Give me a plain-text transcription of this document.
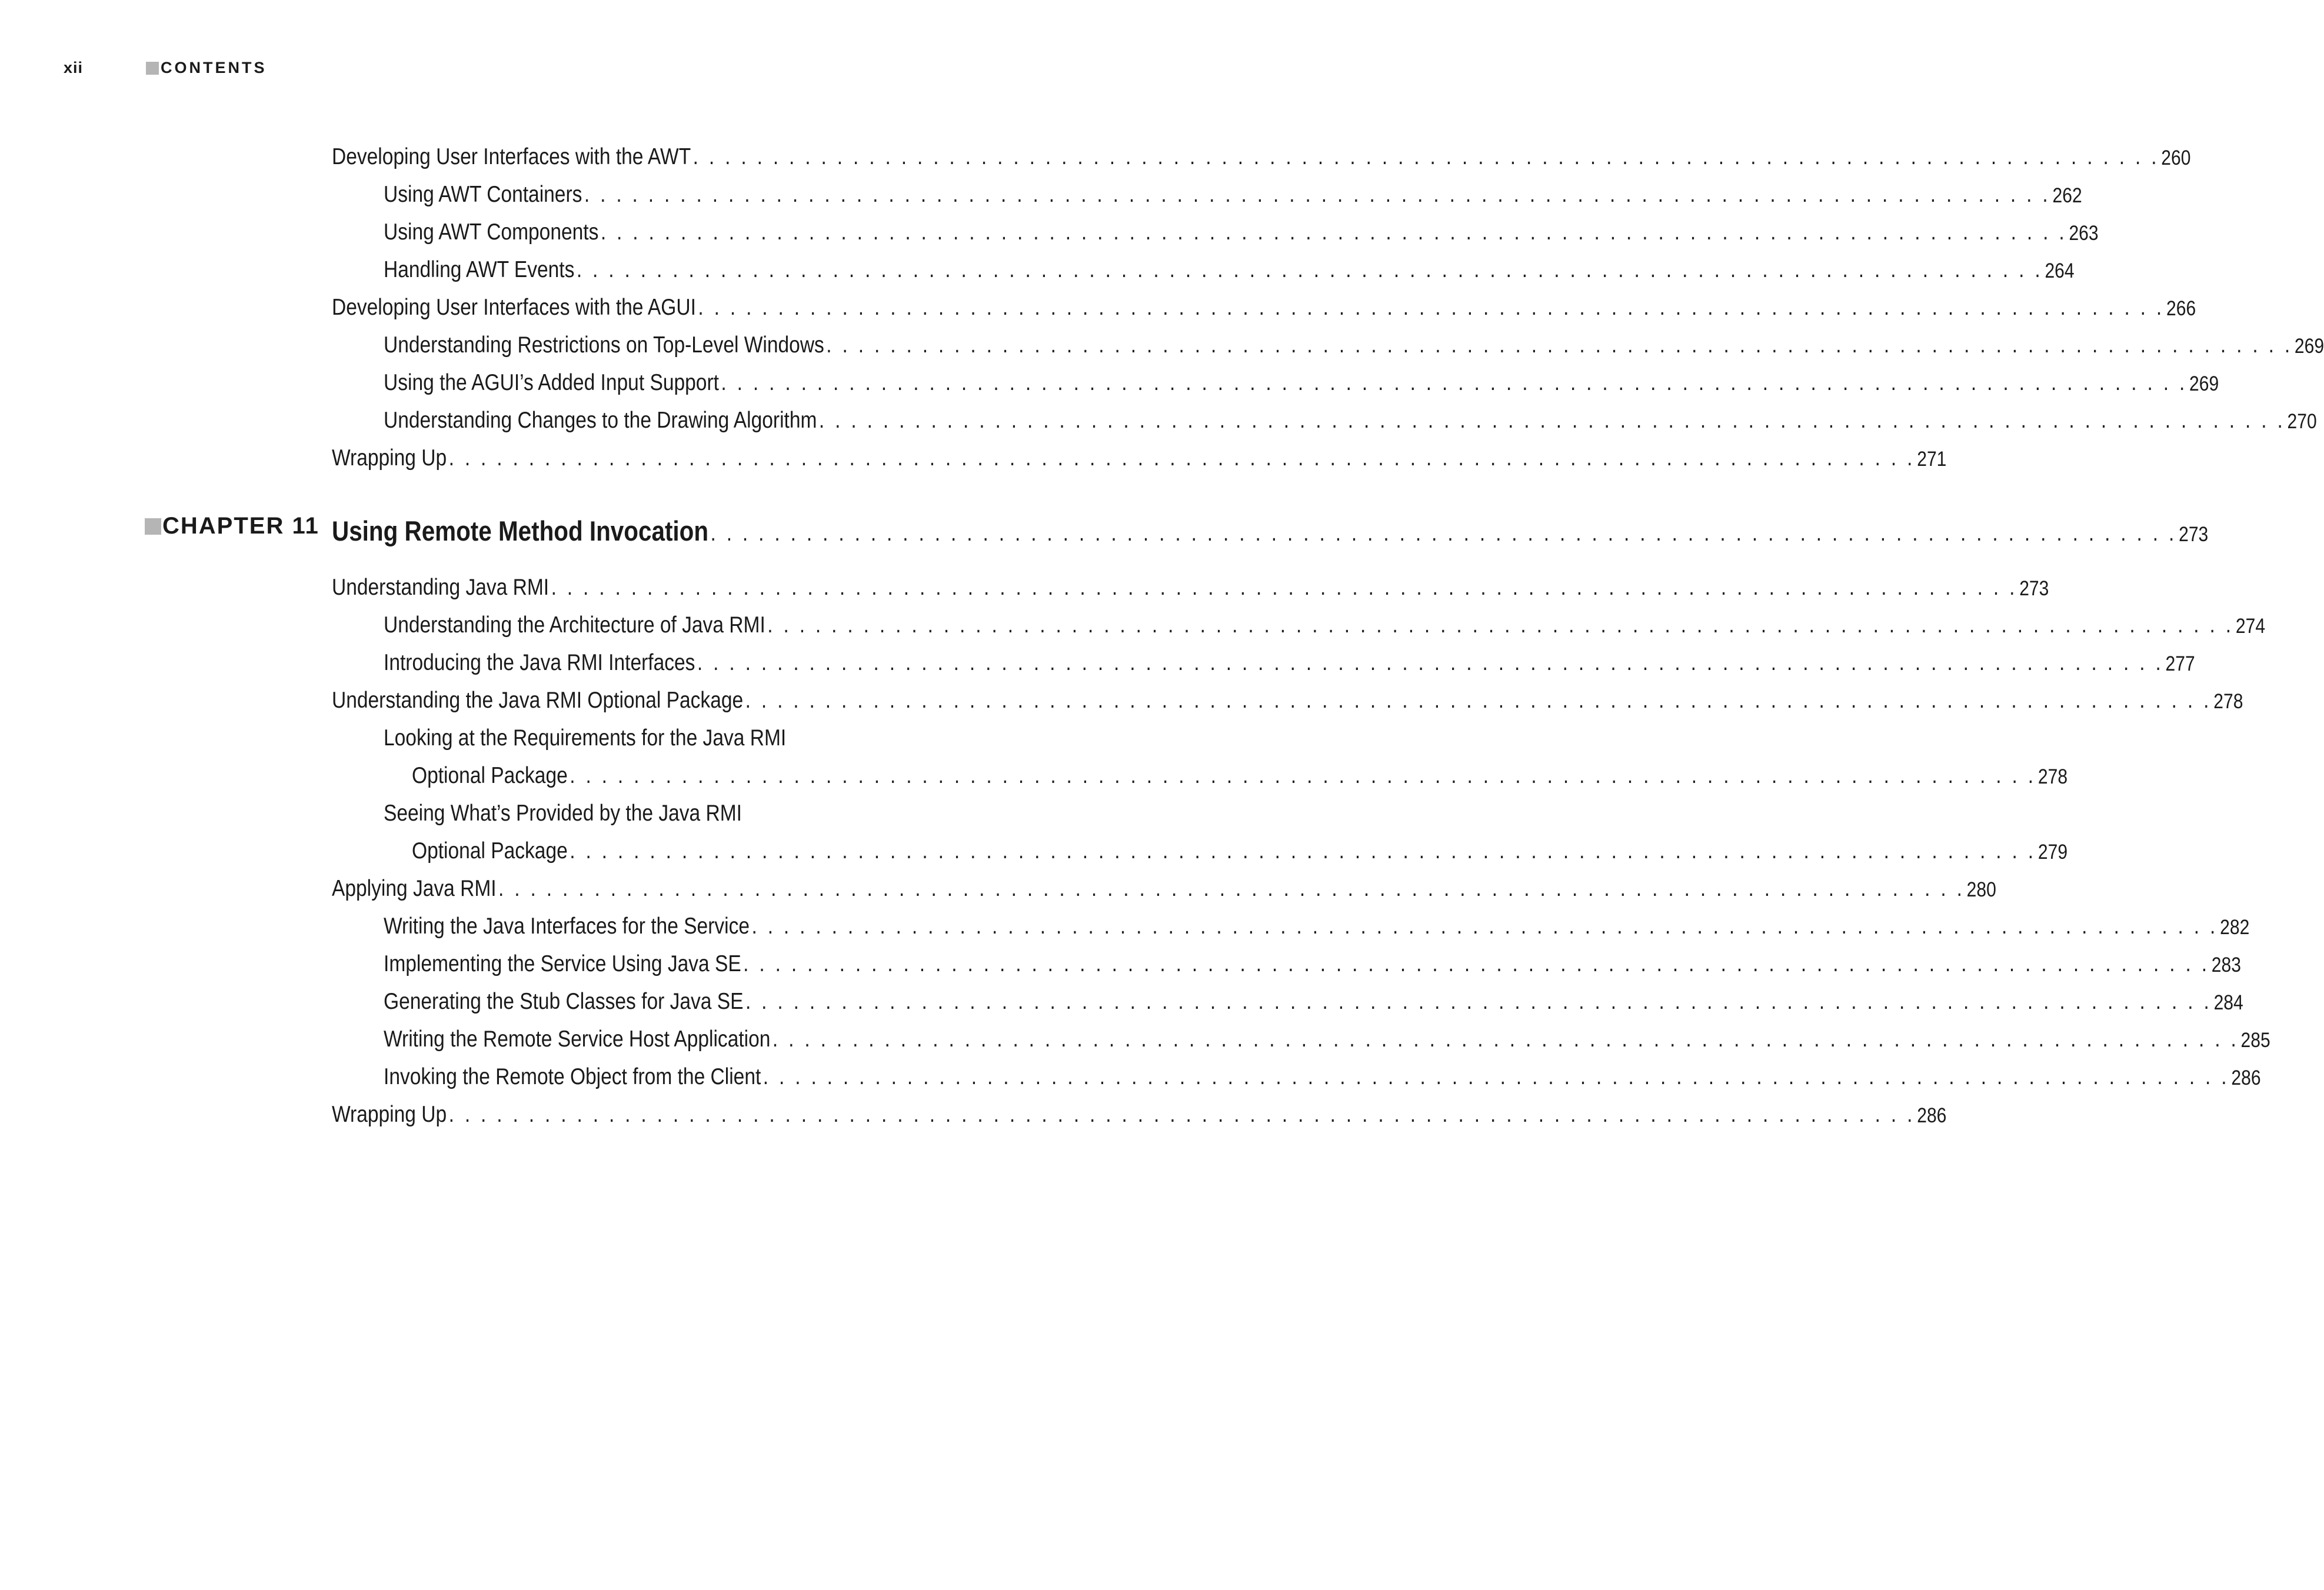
xii	CONTENTS
Developing User Interfaces with the AWT . . . . . . . . . . . . . . . . . . . . . . . . . . . . . . . . . . . . . . . . . . . . . . . . . . . . . . . . . . . . . . . . . . . . . . . . . . . . . . . . . . . . . . . . . . . . 260
Using AWT Containers . . . . . . . . . . . . . . . . . . . . . . . . . . . . . . . . . . . . . . . . . . . . . . . . . . . . . . . . . . . . . . . . . . . . . . . . . . . . . . . . . . . . . . . . . . . . 262
Using AWT Components . . . . . . . . . . . . . . . . . . . . . . . . . . . . . . . . . . . . . . . . . . . . . . . . . . . . . . . . . . . . . . . . . . . . . . . . . . . . . . . . . . . . . . . . . . . . 263
Handling AWT Events . . . . . . . . . . . . . . . . . . . . . . . . . . . . . . . . . . . . . . . . . . . . . . . . . . . . . . . . . . . . . . . . . . . . . . . . . . . . . . . . . . . . . . . . . . . . 264
Developing User Interfaces with the AGUI . . . . . . . . . . . . . . . . . . . . . . . . . . . . . . . . . . . . . . . . . . . . . . . . . . . . . . . . . . . . . . . . . . . . . . . . . . . . . . . . . . . . . . . . . . . . 266
Understanding Restrictions on Top-Level Windows . . . . . . . . . . . . . . . . . . . . . . . . . . . . . . . . . . . . . . . . . . . . . . . . . . . . . . . . . . . . . . . . . . . . . . . . . . . . . . . . . . . . . . . . . . . . 269
Using the AGUI’s Added Input Support . . . . . . . . . . . . . . . . . . . . . . . . . . . . . . . . . . . . . . . . . . . . . . . . . . . . . . . . . . . . . . . . . . . . . . . . . . . . . . . . . . . . . . . . . . . . 269
Understanding Changes to the Drawing Algorithm . . . . . . . . . . . . . . . . . . . . . . . . . . . . . . . . . . . . . . . . . . . . . . . . . . . . . . . . . . . . . . . . . . . . . . . . . . . . . . . . . . . . . . . . . . . . 270
Wrapping Up . . . . . . . . . . . . . . . . . . . . . . . . . . . . . . . . . . . . . . . . . . . . . . . . . . . . . . . . . . . . . . . . . . . . . . . . . . . . . . . . . . . . . . . . . . . . 271
CHAPTER 11 Using Remote Method Invocation . . . . . . . . . . . . . . . . . . . . . . . . . . . . . . . . . . . . . . . . . . . . . . . . . . . . . . . . . . . . . . . . . . . . . . . . . . . . . . . . . . . . . . . . . . . . 273
Understanding Java RMI . . . . . . . . . . . . . . . . . . . . . . . . . . . . . . . . . . . . . . . . . . . . . . . . . . . . . . . . . . . . . . . . . . . . . . . . . . . . . . . . . . . . . . . . . . . . 273
Understanding the Architecture of Java RMI . . . . . . . . . . . . . . . . . . . . . . . . . . . . . . . . . . . . . . . . . . . . . . . . . . . . . . . . . . . . . . . . . . . . . . . . . . . . . . . . . . . . . . . . . . . . 274
Introducing the Java RMI Interfaces . . . . . . . . . . . . . . . . . . . . . . . . . . . . . . . . . . . . . . . . . . . . . . . . . . . . . . . . . . . . . . . . . . . . . . . . . . . . . . . . . . . . . . . . . . . . 277
Understanding the Java RMI Optional Package . . . . . . . . . . . . . . . . . . . . . . . . . . . . . . . . . . . . . . . . . . . . . . . . . . . . . . . . . . . . . . . . . . . . . . . . . . . . . . . . . . . . . . . . . . . . 278
Looking at the Requirements for the Java RMI
Optional Package . . . . . . . . . . . . . . . . . . . . . . . . . . . . . . . . . . . . . . . . . . . . . . . . . . . . . . . . . . . . . . . . . . . . . . . . . . . . . . . . . . . . . . . . . . . . 278
Seeing What’s Provided by the Java RMI
Optional Package . . . . . . . . . . . . . . . . . . . . . . . . . . . . . . . . . . . . . . . . . . . . . . . . . . . . . . . . . . . . . . . . . . . . . . . . . . . . . . . . . . . . . . . . . . . . 279
Applying Java RMI . . . . . . . . . . . . . . . . . . . . . . . . . . . . . . . . . . . . . . . . . . . . . . . . . . . . . . . . . . . . . . . . . . . . . . . . . . . . . . . . . . . . . . . . . . . . 280
Writing the Java Interfaces for the Service . . . . . . . . . . . . . . . . . . . . . . . . . . . . . . . . . . . . . . . . . . . . . . . . . . . . . . . . . . . . . . . . . . . . . . . . . . . . . . . . . . . . . . . . . . . . 282
Implementing the Service Using Java SE . . . . . . . . . . . . . . . . . . . . . . . . . . . . . . . . . . . . . . . . . . . . . . . . . . . . . . . . . . . . . . . . . . . . . . . . . . . . . . . . . . . . . . . . . . . . 283
Generating the Stub Classes for Java SE . . . . . . . . . . . . . . . . . . . . . . . . . . . . . . . . . . . . . . . . . . . . . . . . . . . . . . . . . . . . . . . . . . . . . . . . . . . . . . . . . . . . . . . . . . . . 284
Writing the Remote Service Host Application . . . . . . . . . . . . . . . . . . . . . . . . . . . . . . . . . . . . . . . . . . . . . . . . . . . . . . . . . . . . . . . . . . . . . . . . . . . . . . . . . . . . . . . . . . . . 285
Invoking the Remote Object from the Client . . . . . . . . . . . . . . . . . . . . . . . . . . . . . . . . . . . . . . . . . . . . . . . . . . . . . . . . . . . . . . . . . . . . . . . . . . . . . . . . . . . . . . . . . . . . 286
Wrapping Up . . . . . . . . . . . . . . . . . . . . . . . . . . . . . . . . . . . . . . . . . . . . . . . . . . . . . . . . . . . . . . . . . . . . . . . . . . . . . . . . . . . . . . . . . . . . 286
